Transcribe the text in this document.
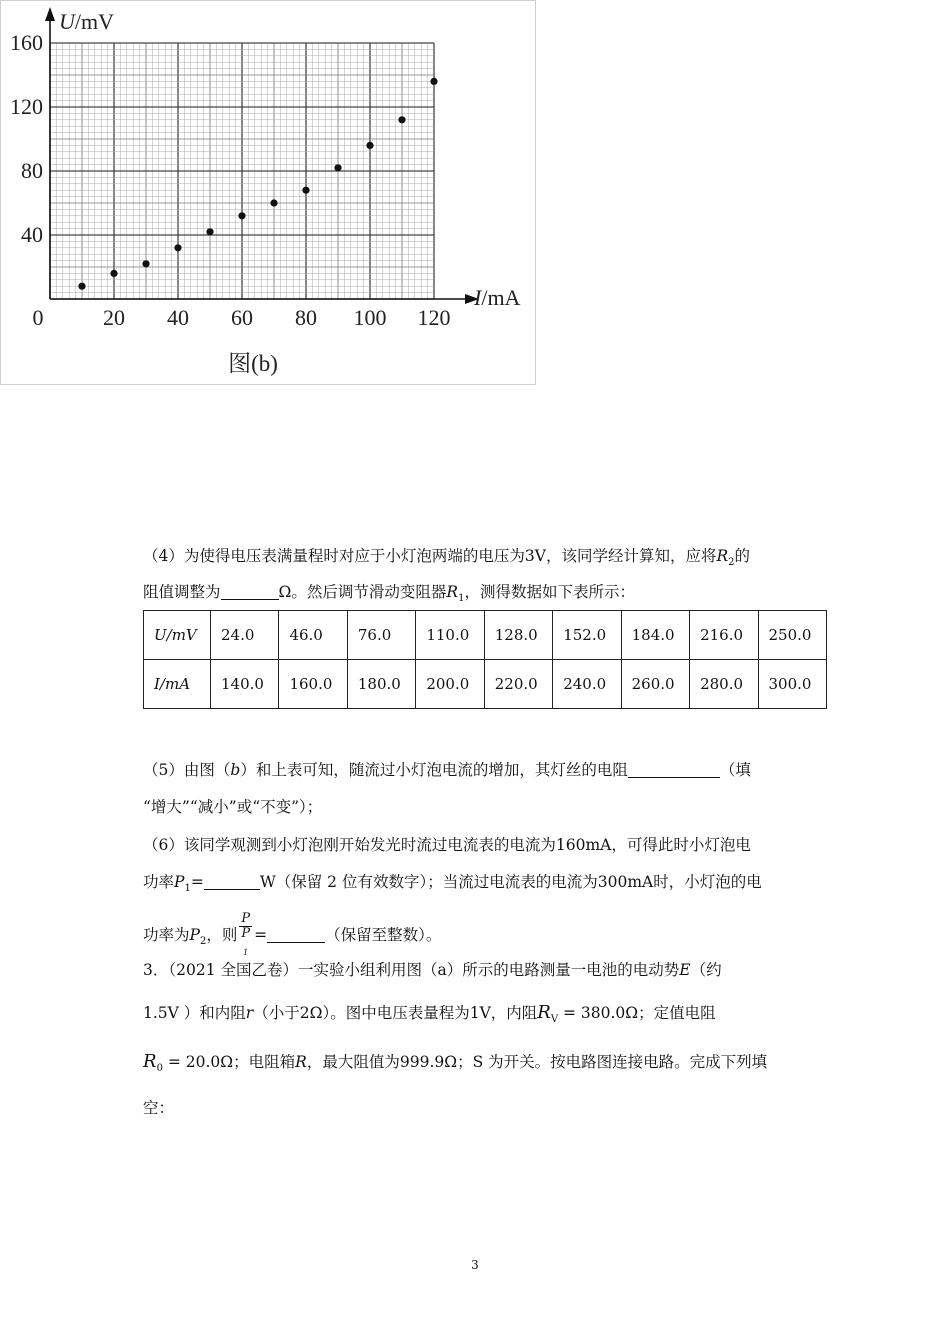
20 40 60 80 100 120
40
80
120
160
0
I/mA
U/mV
图(b)
（4）为使得电压表满量程时对应于小灯泡两端的电压为3V，该同学经计算知，应将$R_2$的
阻值调整为	Ω。然后调节滑动变阻器$R_1$，测得数据如下表所示：
U/mV	24.0	46.0	76.0	110.0	128.0	152.0	184.0	216.0	250.0
I/mA	140.0	160.0	180.0	200.0	220.0	240.0	260.0	280.0	300.0
（5）由图（b）和上表可知，随流过小灯泡电流的增加，其灯丝的电阻	（填
“增大”“减小”或“不变”）；
（6）该同学观测到小灯泡刚开始发光时流过电流表的电流为160mA，可得此时小灯泡电
功率$P_1=$	W（保留 2 位有效数字）；当流过电流表的电流为300mA时，小灯泡的电
功率为$P_2$，则 P
P
$_1$ =	（保留至整数）。
3．（2021 全国乙卷）一实验小组利用图（a）所示的电路测量一电池的电动势E（约
1.5V ）和内阻r（小于2Ω）。图中电压表量程为1V，内阻$R_V = 380.0\Omega$；定值电阻
$R_0 = 20.0\Omega$；电阻箱R，最大阻值为999.9Ω；S 为开关。按电路图连接电路。完成下列填
空：
3
